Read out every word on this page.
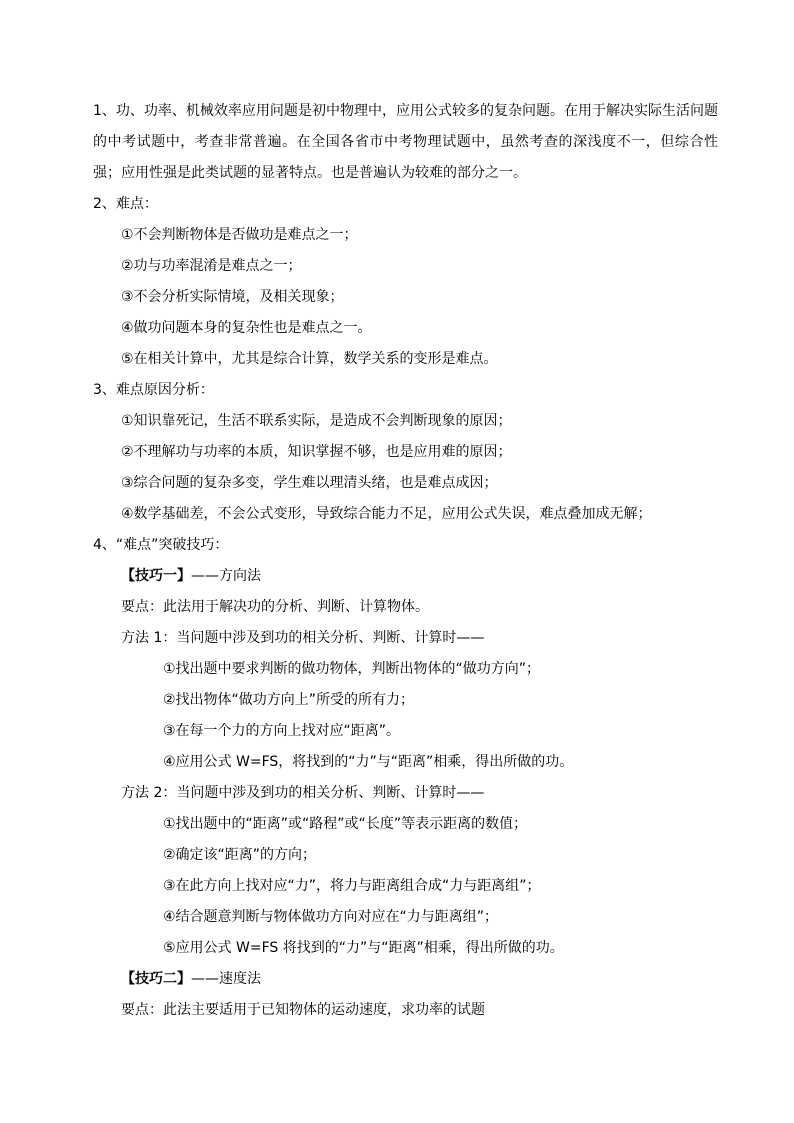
1、功、功率、机械效率应用问题是初中物理中，应用公式较多的复杂问题。在用于解决实际生活问题的中考试题中，考查非常普遍。在全国各省市中考物理试题中，虽然考查的深浅度不一，但综合性强；应用性强是此类试题的显著特点。也是普遍认为较难的部分之一。
2、难点：
①不会判断物体是否做功是难点之一；
②功与功率混淆是难点之一；
③不会分析实际情境，及相关现象；
④做功问题本身的复杂性也是难点之一。
⑤在相关计算中，尤其是综合计算，数学关系的变形是难点。
3、难点原因分析：
①知识靠死记，生活不联系实际，是造成不会判断现象的原因；
②不理解功与功率的本质，知识掌握不够，也是应用难的原因；
③综合问题的复杂多变，学生难以理清头绪，也是难点成因；
④数学基础差，不会公式变形，导致综合能力不足，应用公式失误，难点叠加成无解；
4、“难点”突破技巧：
【技巧一】——方向法
要点：此法用于解决功的分析、判断、计算物体。
方法 1：当问题中涉及到功的相关分析、判断、计算时——
①找出题中要求判断的做功物体，判断出物体的“做功方向”；
②找出物体“做功方向上”所受的所有力；
③在每一个力的方向上找对应“距离”。
④应用公式 W=FS，将找到的“力”与“距离”相乘，得出所做的功。
方法 2：当问题中涉及到功的相关分析、判断、计算时——
①找出题中的“距离”或“路程”或“长度”等表示距离的数值；
②确定该“距离”的方向；
③在此方向上找对应“力”，将力与距离组合成“力与距离组”；
④结合题意判断与物体做功方向对应在“力与距离组”；
⑤应用公式 W=FS 将找到的“力”与“距离”相乘，得出所做的功。
【技巧二】——速度法
要点：此法主要适用于已知物体的运动速度，求功率的试题
